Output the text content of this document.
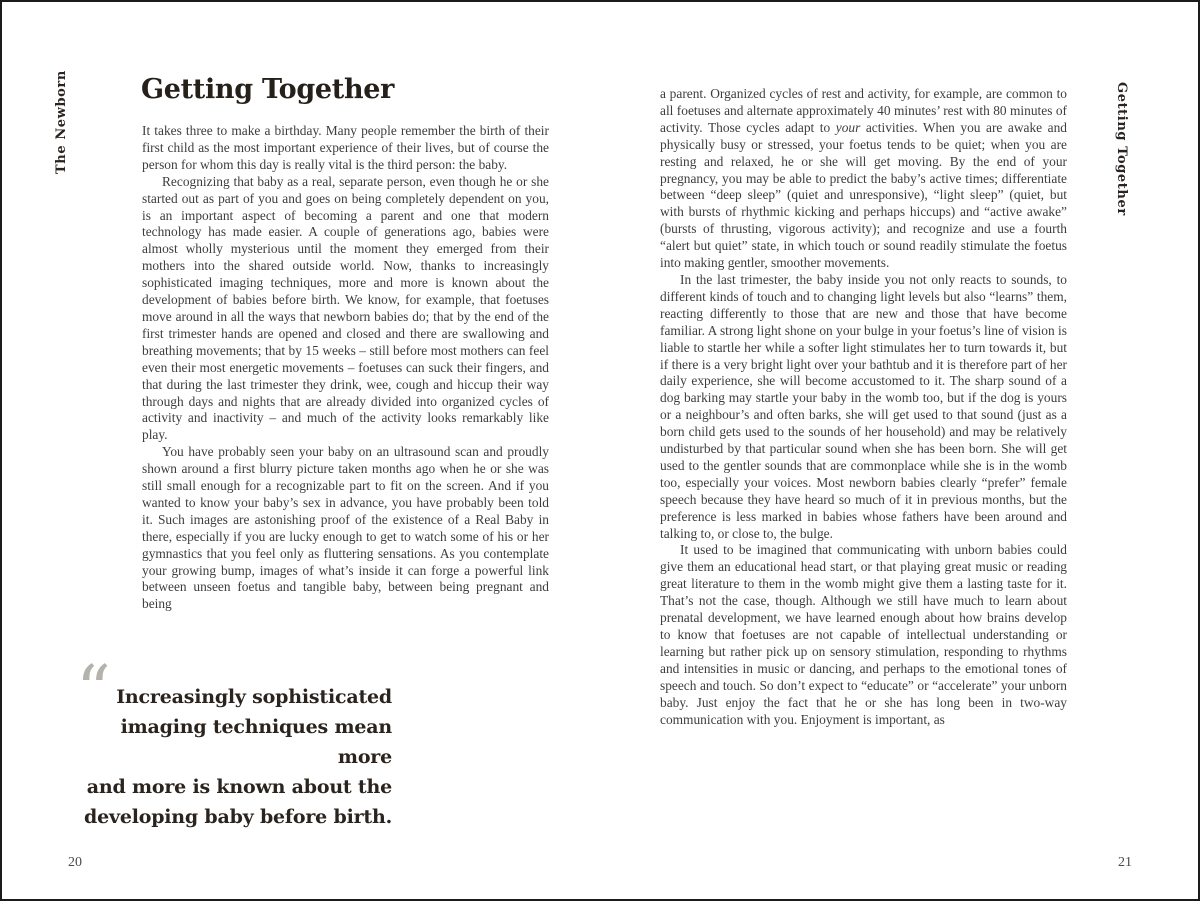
The Newborn	Getting Together

It takes three to make a birthday. Many people remember the birth of their first child as the most important experience of their lives, but of course the person for whom this day is really vital is the third person: the baby.

Recognizing that baby as a real, separate person, even though he or she started out as part of you and goes on being completely dependent on you, is an important aspect of becoming a parent and one that modern technology has made easier. A couple of generations ago, babies were almost wholly mysterious until the moment they emerged from their mothers into the shared outside world. Now, thanks to increasingly sophisticated imaging techniques, more and more is known about the development of babies before birth. We know, for example, that foetuses move around in all the ways that newborn babies do; that by the end of the first trimester hands are opened and closed and there are swallowing and breathing movements; that by 15 weeks – still before most mothers can feel even their most energetic movements – foetuses can suck their fingers, and that during the last trimester they drink, wee, cough and hiccup their way through days and nights that are already divided into organized cycles of activity and inactivity – and much of the activity looks remarkably like play.

You have probably seen your baby on an ultrasound scan and proudly shown around a first blurry picture taken months ago when he or she was still small enough for a recognizable part to fit on the screen. And if you wanted to know your baby’s sex in advance, you have probably been told it. Such images are astonishing proof of the existence of a Real Baby in there, especially if you are lucky enough to get to watch some of his or her gymnastics that you feel only as fluttering sensations. As you contemplate your growing bump, images of what’s inside it can forge a powerful link between unseen foetus and tangible baby, between being pregnant and being

“ Increasingly sophisticated
imaging techniques mean more
and more is known about the
developing baby before birth.
20

a parent. Organized cycles of rest and activity, for example, are common to all foetuses and alternate approximately 40 minutes’ rest with 80 minutes of activity. Those cycles adapt to your activities. When you are awake and physically busy or stressed, your foetus tends to be quiet; when you are resting and relaxed, he or she will get moving. By the end of your pregnancy, you may be able to predict the baby’s active times; differentiate between “deep sleep” (quiet and unresponsive), “light sleep” (quiet, but with bursts of rhythmic kicking and perhaps hiccups) and “active awake” (bursts of thrusting, vigorous activity); and recognize and use a fourth “alert but quiet” state, in which touch or sound readily stimulate the foetus into making gentler, smoother movements.

In the last trimester, the baby inside you not only reacts to sounds, to different kinds of touch and to changing light levels but also “learns” them, reacting differently to those that are new and those that have become familiar. A strong light shone on your bulge in your foetus’s line of vision is liable to startle her while a softer light stimulates her to turn towards it, but if there is a very bright light over your bathtub and it is therefore part of her daily experience, she will become accustomed to it. The sharp sound of a dog barking may startle your baby in the womb too, but if the dog is yours or a neighbour’s and often barks, she will get used to that sound (just as a born child gets used to the sounds of her household) and may be relatively undisturbed by that particular sound when she has been born. She will get used to the gentler sounds that are commonplace while she is in the womb too, especially your voices. Most newborn babies clearly “prefer” female speech because they have heard so much of it in previous months, but the preference is less marked in babies whose fathers have been around and talking to, or close to, the bulge.

It used to be imagined that communicating with unborn babies could give them an educational head start, or that playing great music or reading great literature to them in the womb might give them a lasting taste for it. That’s not the case, though. Although we still have much to learn about prenatal development, we have learned enough about how brains develop to know that foetuses are not capable of intellectual understanding or learning but rather pick up on sensory stimulation, responding to rhythms and intensities in music or dancing, and perhaps to the emotional tones of speech and touch. So don’t expect to “educate” or “accelerate” your unborn baby. Just enjoy the fact that he or she has long been in two-way communication with you. Enjoyment is important, as

Getting Together
21
